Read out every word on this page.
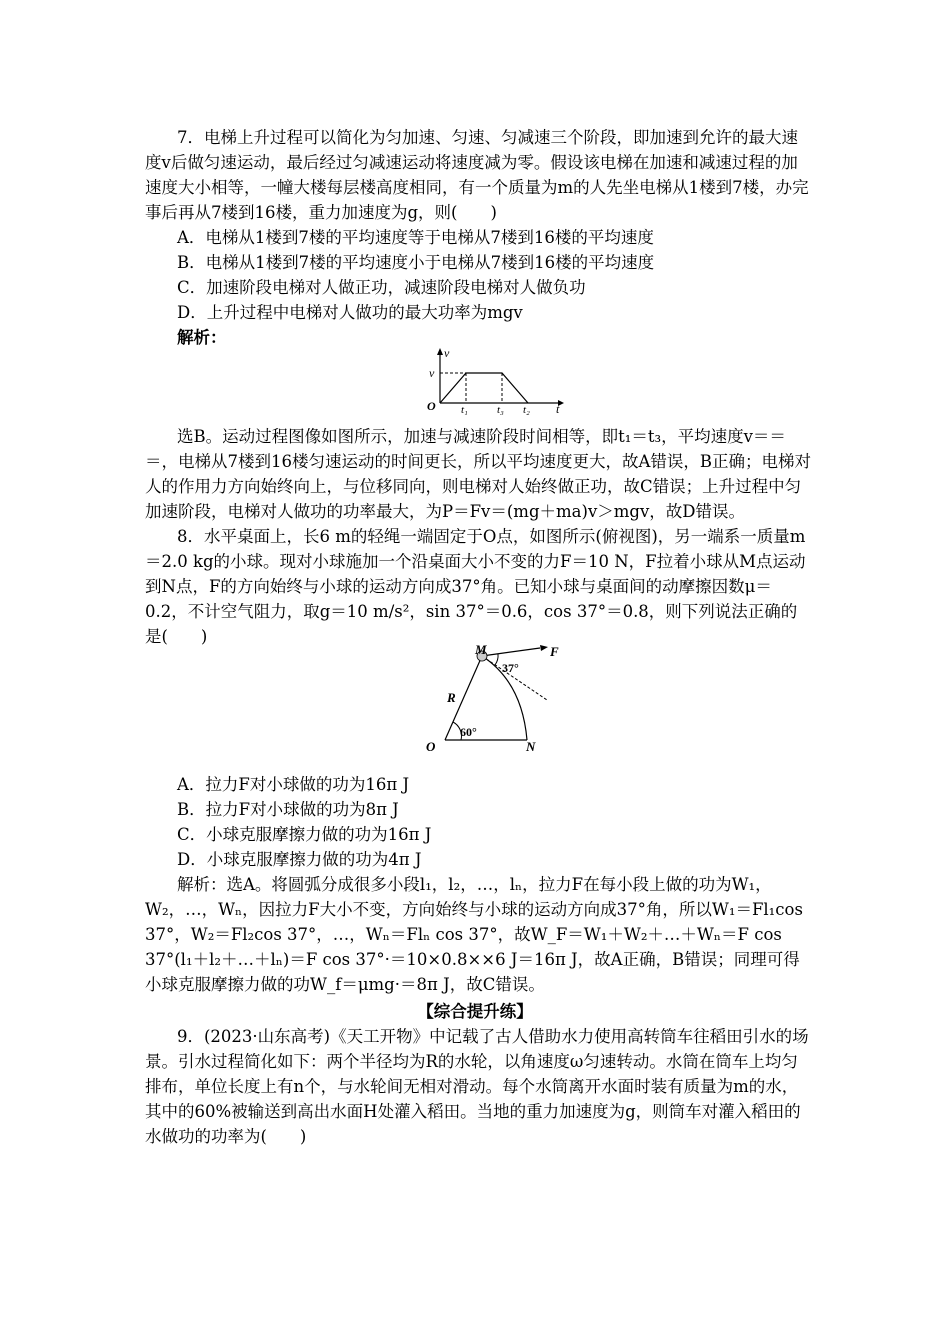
7．电梯上升过程可以简化为匀加速、匀速、匀减速三个阶段，即加速到允许的最大速度v后做匀速运动，最后经过匀减速运动将速度减为零。假设该电梯在加速和减速过程的加速度大小相等，一幢大楼每层楼高度相同，有一个质量为m的人先坐电梯从1楼到7楼，办完事后再从7楼到16楼，重力加速度为g，则(　　)

A．电梯从1楼到7楼的平均速度等于电梯从7楼到16楼的平均速度
B．电梯从1楼到7楼的平均速度小于电梯从7楼到16楼的平均速度
C．加速阶段电梯对人做正功，减速阶段电梯对人做负功
D．上升过程中电梯对人做功的最大功率为mgv
解析：
v
v
O t₁	t₃ t₂ t

选B。运动过程图像如图所示，加速与减速阶段时间相等，即t₁＝t₃，平均速度v＝＝＝，电梯从7楼到16楼匀速运动的时间更长，所以平均速度更大，故A错误，B正确；电梯对人的作用力方向始终向上，与位移同向，则电梯对人始终做正功，故C错误；上升过程中匀加速阶段，电梯对人做功的功率最大，为P＝Fv＝(mg＋ma)v＞mgv，故D错误。

8．水平桌面上，长6 m的轻绳一端固定于O点，如图所示(俯视图)，另一端系一质量m＝2.0 kg的小球。现对小球施加一个沿桌面大小不变的力F＝10 N，F拉着小球从M点运动到N点，F的方向始终与小球的运动方向成37°角。已知小球与桌面间的动摩擦因数μ＝0.2，不计空气阻力，取g＝10 m/s²，sin 37°＝0.6，cos 37°＝0.8，则下列说法正确的是(　　)

M	F
37°
R
60°
O	N
A．拉力F对小球做的功为16π J
B．拉力F对小球做的功为8π J
C．小球克服摩擦力做的功为16π J
D．小球克服摩擦力做的功为4π J

解析：选A。将圆弧分成很多小段l₁，l₂，…，lₙ，拉力F在每小段上做的功为W₁，W₂，…，Wₙ，因拉力F大小不变，方向始终与小球的运动方向成37°角，所以W₁＝Fl₁cos 37°，W₂＝Fl₂cos 37°，…，Wₙ＝Flₙ cos 37°，故W_F＝W₁＋W₂＋…＋Wₙ＝F cos 37°(l₁＋l₂＋…＋lₙ)＝F cos 37°·＝10×0.8××6 J＝16π J，故A正确，B错误；同理可得小球克服摩擦力做的功W_f＝μmg·＝8π J，故C错误。

【综合提升练】

9．(2023·山东高考)《天工开物》中记载了古人借助水力使用高转筒车往稻田引水的场景。引水过程简化如下：两个半径均为R的水轮，以角速度ω匀速转动。水筒在筒车上均匀排布，单位长度上有n个，与水轮间无相对滑动。每个水筒离开水面时装有质量为m的水，其中的60%被输送到高出水面H处灌入稻田。当地的重力加速度为g，则筒车对灌入稻田的水做功的功率为(　　)
